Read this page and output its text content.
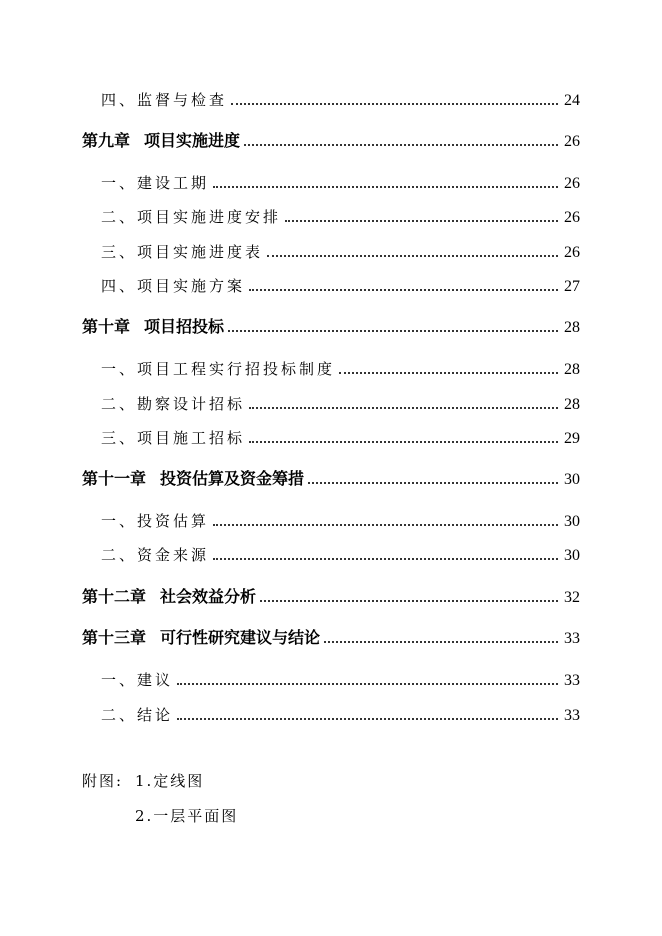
四、监督与检查	24
第九章 项目实施进度	26
一、建设工期	26
二、项目实施进度安排	26
三、项目实施进度表	26
四、项目实施方案	27
第十章 项目招投标	28
一、项目工程实行招投标制度	28
二、勘察设计招标	28
三、项目施工招标	29
第十一章 投资估算及资金筹措	30
一、投资估算	30
二、资金来源	30
第十二章 社会效益分析	32
第十三章 可行性研究建议与结论	33
一、建议	33
二、结论	33
附图: 1.定线图
2.一层平面图
